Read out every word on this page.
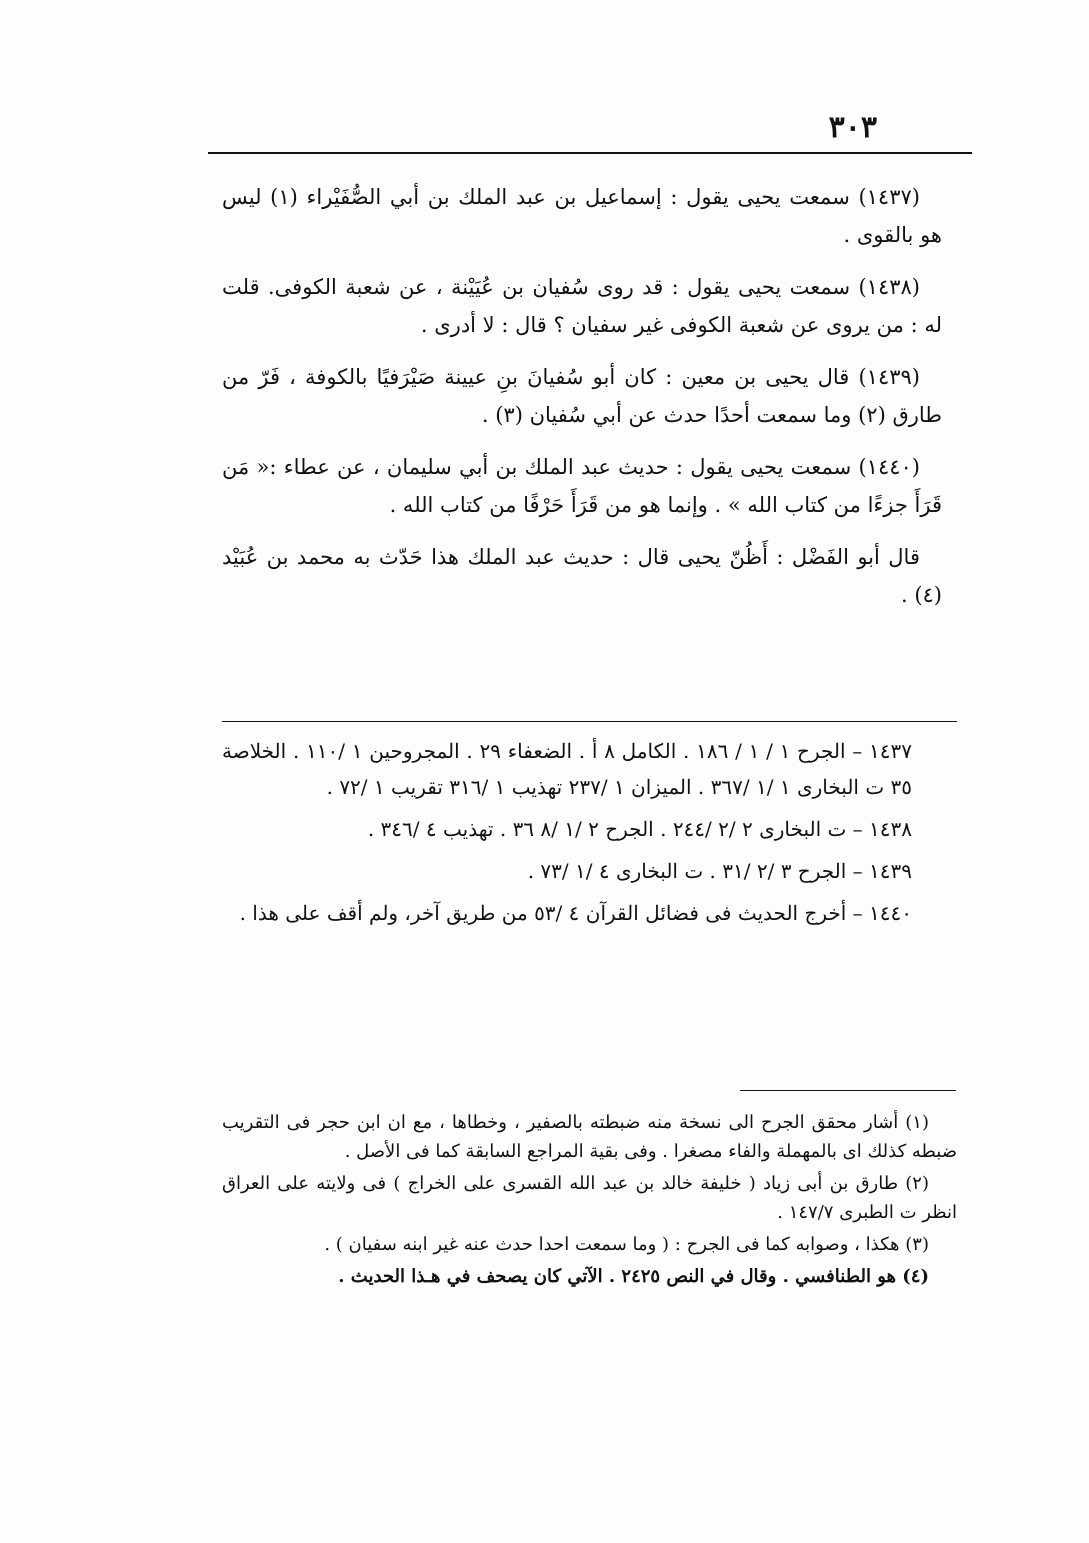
٣٠٣

(١٤٣٧) سمعت يحيى يقول : إسماعيل بن عبد الملك بن أبي الصُّفَيْراء (١) ليس هو بالقوى .

(١٤٣٨) سمعت يحيى يقول : قد روى سُفيان بن عُيَيْنة ، عن شعبة الكوفى. قلت له : من يروى عن شعبة الكوفى غير سفيان ؟ قال : لا أدرى .

(١٤٣٩) قال يحيى بن معين : كان أبو سُفيانَ بنِ عيينة صَيْرَفيًا بالكوفة ، فَرّ من طارق (٢) وما سمعت أحدًا حدث عن أبي سُفيان (٣) .

(١٤٤٠) سمعت يحيى يقول : حديث عبد الملك بن أبي سليمان ، عن عطاء :« مَن قَرَأَ جزءًا من كتاب الله » . وإنما هو من قَرَأَ حَرْفًا من كتاب الله .

قال أبو الفَضْل : أَظُنّ يحيى قال : حديث عبد الملك هذا حَدّث به محمد بن عُبَيْد (٤) .

١٤٣٧ – الجرح ١ / ١ / ١٨٦ . الكامل ٨ أ . الضعفاء ٢٩ . المجروحين ١ /١١٠ . الخلاصة ٣٥ ت البخارى ١ /١ /٣٦٧ . الميزان ١ /٢٣٧ تهذيب ١ /٣١٦ تقريب ١ /٧٢ .
١٤٣٨ – ت البخارى ٢ /٢ /٢٤٤ . الجرح ٢ /١ /٨ ٣٦ . تهذيب ٤ /٣٤٦ .
١٤٣٩ – الجرح ٣ /٢ /٣١ . ت البخارى ٤ /١ /٧٣ .
١٤٤٠ – أخرج الحديث فى فضائل القرآن ٤ /٥٣ من طريق آخر، ولم أقف على هذا .

(١) أشار محقق الجرح الى نسخة منه ضبطته بالصفير ، وخطاها ، مع ان ابن حجر فى التقريب ضبطه كذلك اى بالمهملة والفاء مصغرا . وفى بقية المراجع السابقة كما فى الأصل .

(٢) طارق بن أبى زياد ( خليفة خالد بن عبد الله القسرى على الخراج ) فى ولايته على العراق انظر ت الطبرى ١٤٧/٧ .

(٣) هكذا ، وصوابه كما فى الجرح : ( وما سمعت احدا حدث عنه غير ابنه سفيان ) .

(٤) هو الطنافسي . وقال في النص ٢٤٢٥ . الآتي كان يصحف في هـذا الحديث .
